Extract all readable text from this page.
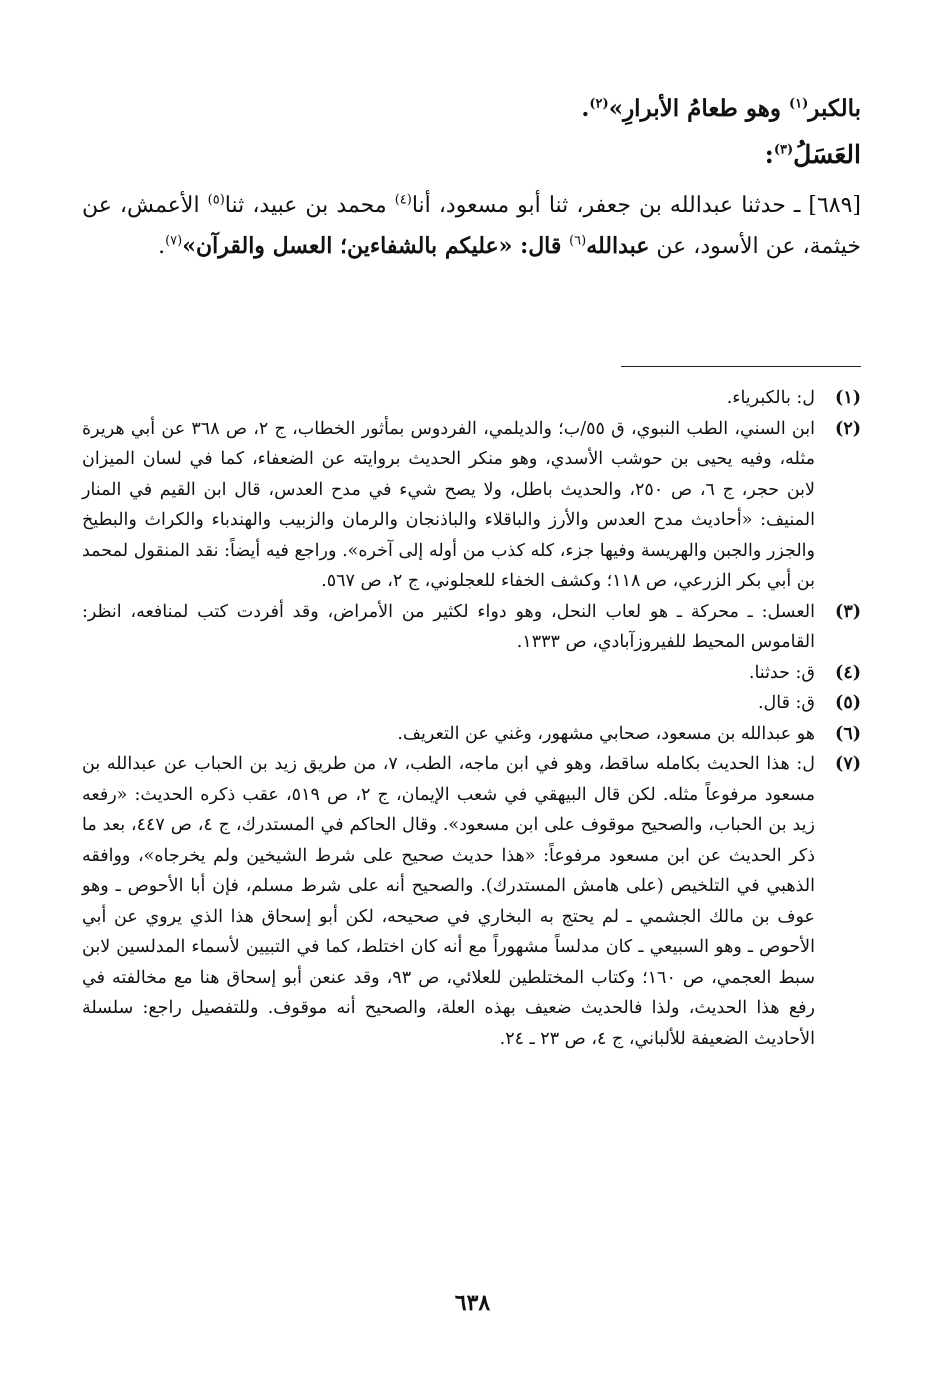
بالكبر$^{(١)}$ وهو طعامُ الأبرارِ»$^{(٢)}$.

العَسَلُ$^{(٣)}$:

[٦٨٩] ـ حدثنا عبدالله بن جعفر، ثنا أبو مسعود، أنا$^{(٤)}$ محمد بن عبيد، ثنا$^{(٥)}$ الأعمش، عن خيثمة، عن الأسود، عن عبدالله$^{(٦)}$ قال: «عليكم بالشفاءين؛ العسل والقرآن»$^{(٧)}$.

(١)
ل: بالكبرياء.
(٢)
ابن السني، الطب النبوي، ق ٥٥/ب؛ والديلمي، الفردوس بمأثور الخطاب، ج ٢، ص ٣٦٨ عن أبي هريرة مثله، وفيه يحيى بن حوشب الأسدي، وهو منكر الحديث بروايته عن الضعفاء، كما في لسان الميزان لابن حجر، ج ٦، ص ٢٥٠، والحديث باطل، ولا يصح شيء في مدح العدس، قال ابن القيم في المنار المنيف: «أحاديث مدح العدس والأرز والباقلاء والباذنجان والرمان والزبيب والهندباء والكراث والبطيخ والجزر والجبن والهريسة وفيها جزء، كله كذب من أوله إلى آخره». وراجع فيه أيضاً: نقد المنقول لمحمد بن أبي بكر الزرعي، ص ١١٨؛ وكشف الخفاء للعجلوني، ج ٢، ص ٥٦٧.
(٣)
العسل: ـ محركة ـ هو لعاب النحل، وهو دواء لكثير من الأمراض، وقد أفردت كتب لمنافعه، انظر: القاموس المحيط للفيروزآبادي، ص ١٣٣٣.
(٤)
ق: حدثنا.
(٥)
ق: قال.
(٦)
هو عبدالله بن مسعود، صحابي مشهور، وغني عن التعريف.
(٧)
ل: هذا الحديث بكامله ساقط، وهو في ابن ماجه، الطب، ٧، من طريق زيد بن الحباب عن عبدالله بن مسعود مرفوعاً مثله. لكن قال البيهقي في شعب الإيمان، ج ٢، ص ٥١٩، عقب ذكره الحديث: «رفعه زيد بن الحباب، والصحيح موقوف على ابن مسعود». وقال الحاكم في المستدرك، ج ٤، ص ٤٤٧، بعد ما ذكر الحديث عن ابن مسعود مرفوعاً: «هذا حديث صحيح على شرط الشيخين ولم يخرجاه»، ووافقه الذهبي في التلخيص (على هامش المستدرك). والصحيح أنه على شرط مسلم، فإن أبا الأحوص ـ وهو عوف بن مالك الجشمي ـ لم يحتج به البخاري في صحيحه، لكن أبو إسحاق هذا الذي يروي عن أبي الأحوص ـ وهو السبيعي ـ كان مدلساً مشهوراً مع أنه كان اختلط، كما في التبيين لأسماء المدلسين لابن سبط العجمي، ص ١٦٠؛ وكتاب المختلطين للعلائي، ص ٩٣، وقد عنعن أبو إسحاق هنا مع مخالفته في رفع هذا الحديث، ولذا فالحديث ضعيف بهذه العلة، والصحيح أنه موقوف. وللتفصيل راجع: سلسلة الأحاديث الضعيفة للألباني، ج ٤، ص ٢٣ ـ ٢٤.
٦٣٨
